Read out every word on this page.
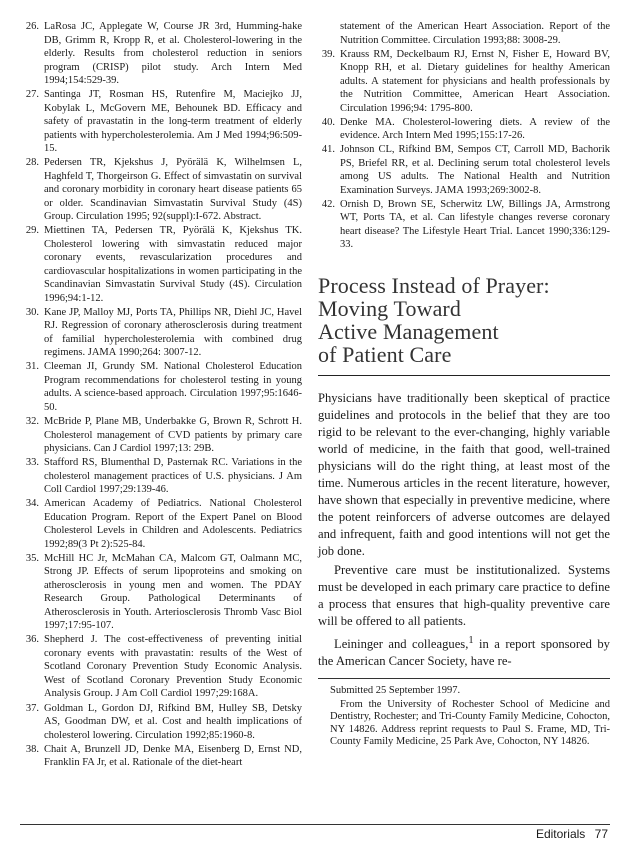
26. LaRosa JC, Applegate W, Course JR 3rd, Humming-hake DB, Grimm R, Kropp R, et al. Cholesterol-lowering in the elderly. Results from cholesterol reduction in seniors program (CRISP) pilot study. Arch Intern Med 1994;154:529-39.
27. Santinga JT, Rosman HS, Rutenfire M, Maciejko JJ, Kobylak L, McGovern ME, Behounek BD. Efficacy and safety of pravastatin in the long-term treatment of elderly patients with hypercholesterolemia. Am J Med 1994;96:509-15.
28. Pedersen TR, Kjekshus J, Pyörälä K, Wilhelmsen L, Haghfeld T, Thorgeirson G. Effect of simvastatin on survival and coronary morbidity in coronary heart disease patients 65 or older. Scandinavian Simvastatin Survival Study (4S) Group. Circulation 1995; 92(suppl):I-672. Abstract.
29. Miettinen TA, Pedersen TR, Pyörälä K, Kjekshus TK. Cholesterol lowering with simvastatin reduced major coronary events, revascularization procedures and cardiovascular hospitalizations in women participating in the Scandinavian Simvastatin Survival Study (4S). Circulation 1996;94:1-12.
30. Kane JP, Malloy MJ, Ports TA, Phillips NR, Diehl JC, Havel RJ. Regression of coronary atherosclerosis during treatment of familial hypercholesterolemia with combined drug regimens. JAMA 1990;264: 3007-12.
31. Cleeman JI, Grundy SM. National Cholesterol Education Program recommendations for cholesterol testing in young adults. A science-based approach. Circulation 1997;95:1646-50.
32. McBride P, Plane MB, Underbakke G, Brown R, Schrott H. Cholesterol management of CVD patients by primary care physicians. Can J Cardiol 1997;13: 29B.
33. Stafford RS, Blumenthal D, Pasternak RC. Variations in the cholesterol management practices of U.S. physicians. J Am Coll Cardiol 1997;29:139-46.
34. American Academy of Pediatrics. National Cholesterol Education Program. Report of the Expert Panel on Blood Cholesterol Levels in Children and Adolescents. Pediatrics 1992;89(3 Pt 2):525-84.
35. McHill HC Jr, McMahan CA, Malcom GT, Oalmann MC, Strong JP. Effects of serum lipoproteins and smoking on atherosclerosis in young men and women. The PDAY Research Group. Pathological Determinants of Atherosclerosis in Youth. Arteriosclerosis Thromb Vasc Biol 1997;17:95-107.
36. Shepherd J. The cost-effectiveness of preventing initial coronary events with pravastatin: results of the West of Scotland Coronary Prevention Study Economic Analysis. West of Scotland Coronary Prevention Study Economic Analysis Group. J Am Coll Cardiol 1997;29:168A.
37. Goldman L, Gordon DJ, Rifkind BM, Hulley SB, Detsky AS, Goodman DW, et al. Cost and health implications of cholesterol lowering. Circulation 1992;85:1960-8.
38. Chait A, Brunzell JD, Denke MA, Eisenberg D, Ernst ND, Franklin FA Jr, et al. Rationale of the diet-heart
statement of the American Heart Association. Report of the Nutrition Committee. Circulation 1993;88: 3008-29.
39. Krauss RM, Deckelbaum RJ, Ernst N, Fisher E, Howard BV, Knopp RH, et al. Dietary guidelines for healthy American adults. A statement for physicians and health professionals by the Nutrition Committee, American Heart Association. Circulation 1996;94: 1795-800.
40. Denke MA. Cholesterol-lowering diets. A review of the evidence. Arch Intern Med 1995;155:17-26.
41. Johnson CL, Rifkind BM, Sempos CT, Carroll MD, Bachorik PS, Briefel RR, et al. Declining serum total cholesterol levels among US adults. The National Health and Nutrition Examination Surveys. JAMA 1993;269:3002-8.
42. Ornish D, Brown SE, Scherwitz LW, Billings JA, Armstrong WT, Ports TA, et al. Can lifestyle changes reverse coronary heart disease? The Lifestyle Heart Trial. Lancet 1990;336:129-33.
Process Instead of Prayer:
Moving Toward
Active Management
of Patient Care

Physicians have traditionally been skeptical of practice guidelines and protocols in the belief that they are too rigid to be relevant to the ever-changing, highly variable world of medicine, in the faith that good, well-trained physicians will do the right thing, at least most of the time. Numerous articles in the recent literature, however, have shown that especially in preventive medicine, where the potent reinforcers of adverse outcomes are delayed and infrequent, faith and good intentions will not get the job done.

Preventive care must be institutionalized. Systems must be developed in each primary care practice to define a process that ensures that high-quality preventive care will be offered to all patients.

Leininger and colleagues,$^1$ in a report sponsored by the American Cancer Society, have re-

Submitted 25 September 1997.

From the University of Rochester School of Medicine and Dentistry, Rochester; and Tri-County Family Medicine, Cohocton, NY 14826. Address reprint requests to Paul S. Frame, MD, Tri-County Family Medicine, 25 Park Ave, Cohocton, NY 14826.

Editorials 77
